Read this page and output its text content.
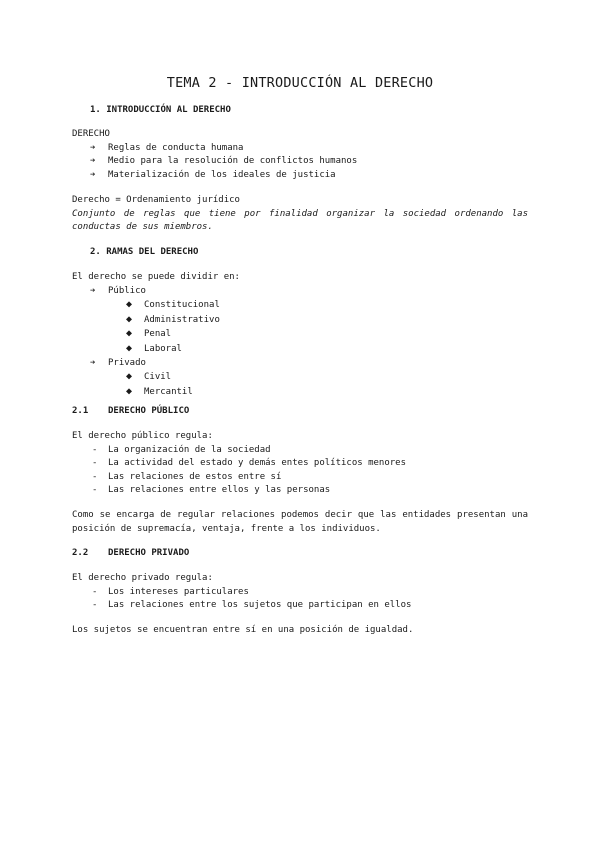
TEMA 2 - INTRODUCCIÓN AL DERECHO
1. INTRODUCCIÓN AL DERECHO
DERECHO
➔ Reglas de conducta humana
➔ Medio para la resolución de conflictos humanos
➔ Materialización de los ideales de justicia
Derecho = Ordenamiento jurídico
Conjunto de reglas que tiene por finalidad organizar la sociedad ordenando las
conductas de sus miembros.
2. RAMAS DEL DERECHO
El derecho se puede dividir en:
➔ Público
◆ Constitucional
◆ Administrativo
◆ Penal
◆ Laboral
➔ Privado
◆ Civil
◆ Mercantil
2.1 DERECHO PÚBLICO
El derecho público regula:
- La organización de la sociedad
- La actividad del estado y demás entes políticos menores
- Las relaciones de estos entre sí
- Las relaciones entre ellos y las personas
Como se encarga de regular relaciones podemos decir que las entidades presentan una
posición de supremacía, ventaja, frente a los individuos.
2.2 DERECHO PRIVADO
El derecho privado regula:
- Los intereses particulares
- Las relaciones entre los sujetos que participan en ellos
Los sujetos se encuentran entre sí en una posición de igualdad.
